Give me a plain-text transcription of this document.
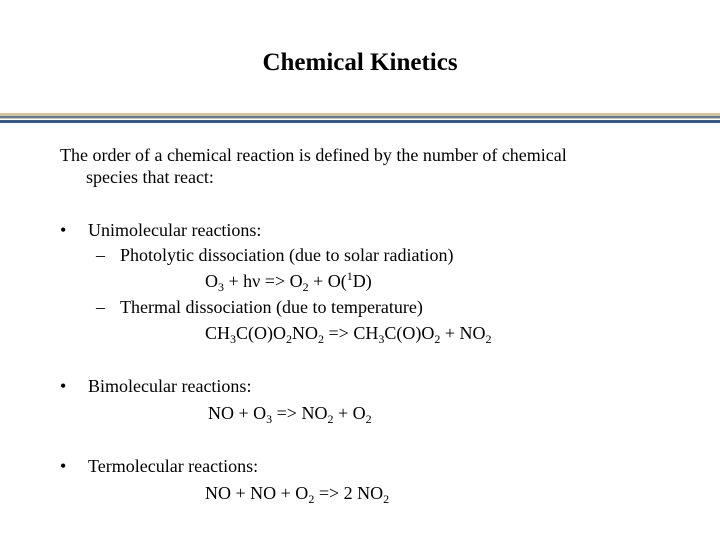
Chemical Kinetics
The order of a chemical reaction is defined by the number of chemical
species that react:
• Unimolecular reactions:
– Photolytic dissociation (due to solar radiation)
$O_3 + h\nu => O_2 + O(^1D)$
– Thermal dissociation (due to temperature)
$CH_3C(O)O_2NO_2 => CH_3C(O)O_2 + NO_2$
• Bimolecular reactions:
NO + $O_3 => NO_2 + O_2$
• Termolecular reactions:
NO + NO + $O_2 => 2$ $NO_2$
